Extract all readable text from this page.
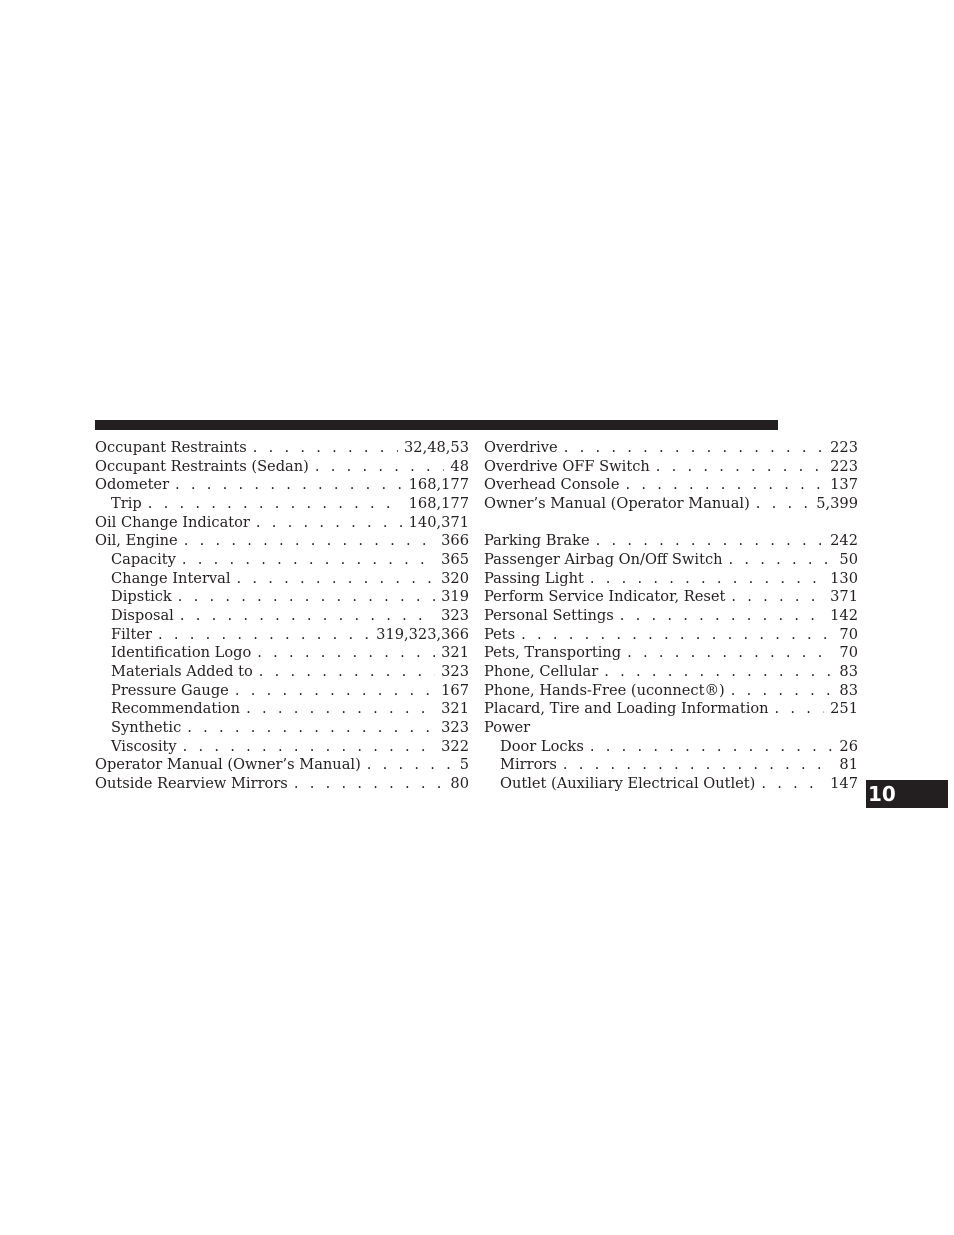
Occupant Restraints . . .	32,48,53
Occupant Restraints (Sedan) . . .	48
Odometer . . .	168,177
Trip . . .	168,177
Oil Change Indicator . . .	140,371
Oil, Engine . . .	366
Capacity . . .	365
Change Interval . . .	320
Dipstick . . .	319
Disposal . . .	323
Filter . . .	319,323,366
Identification Logo . . .	321
Materials Added to . . .	323
Pressure Gauge . . .	167
Recommendation . . .	321
Synthetic . . .	323
Viscosity . . .	322
Operator Manual (Owner’s Manual) . . .	5
Outside Rearview Mirrors . . .	80
Overdrive . . .	223
Overdrive OFF Switch . . .	223
Overhead Console . . .	137
Owner’s Manual (Operator Manual) . . .	5,399
Parking Brake . . .	242
Passenger Airbag On/Off Switch . . .	50
Passing Light . . .	130
Perform Service Indicator, Reset . . .	371
Personal Settings . . .	142
Pets . . .	70
Pets, Transporting . . .	70
Phone, Cellular . . .	83
Phone, Hands-Free (uconnect®) . . .	83
Placard, Tire and Loading Information . . .	251
Power
Door Locks . . .	26
Mirrors . . .	81
Outlet (Auxiliary Electrical Outlet) . . .	147 10
